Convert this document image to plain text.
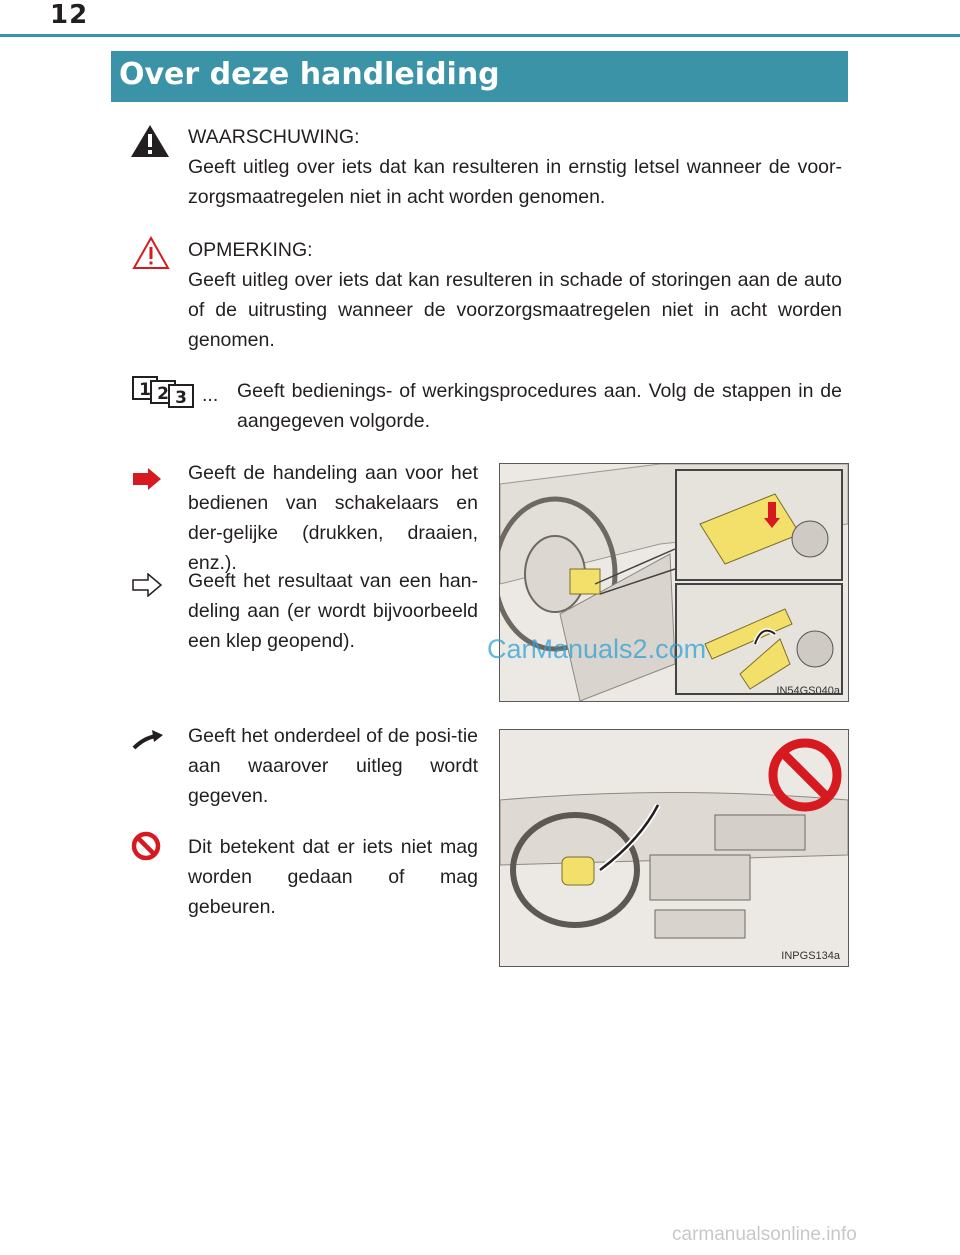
12
Over deze handleiding
WAARSCHUWING:
Geeft uitleg over iets dat kan resulteren in ernstig letsel wanneer de voor-zorgsmaatregelen niet in acht worden genomen.
OPMERKING:
Geeft uitleg over iets dat kan resulteren in schade of storingen aan de auto of de uitrusting wanneer de voorzorgsmaatregelen niet in acht worden genomen.
1 2 3 ... Geeft bedienings- of werkingsprocedures aan. Volg de stappen in de aangegeven volgorde.
Geeft de handeling aan voor het bedienen van schakelaars en der-gelijke (drukken, draaien, enz.).
Geeft het resultaat van een han-deling aan (er wordt bijvoorbeeld een klep geopend).
Geeft het onderdeel of de posi-tie aan waarover uitleg wordt gegeven.
Dit betekent dat er iets niet mag worden gedaan of mag gebeuren.
IN54GS040a
INPGS134a
CarManuals2.com
carmanualsonline.info
